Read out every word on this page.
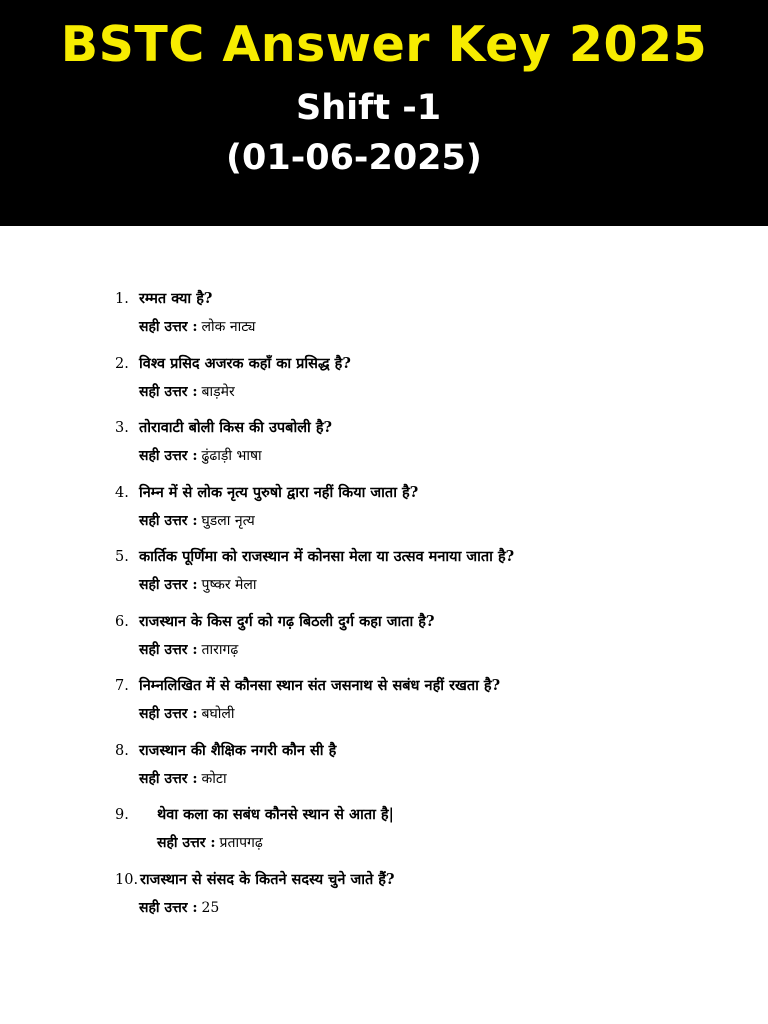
BSTC Answer Key 2025
Shift -1
(01-06-2025)
1. रम्मत क्या है?
सही उत्तर : लोक नाट्य
2. विश्व प्रसिद अजरक कहाँ का प्रसिद्ध है?
सही उत्तर : बाड़मेर
3. तोरावाटी बोली किस की उपबोली है?
सही उत्तर : ढुंढाड़ी भाषा
4. निम्न में से लोक नृत्य पुरुषो द्वारा नहीं किया जाता है?
सही उत्तर : घुडला नृत्य
5. कार्तिक पूर्णिमा को राजस्थान में कोनसा मेला या उत्सव मनाया जाता है?
सही उत्तर : पुष्कर मेला
6. राजस्थान के किस दुर्ग को गढ़ बिठली दुर्ग कहा जाता है?
सही उत्तर : तारागढ़
7. निम्नलिखित में से कौनसा स्थान संत जसनाथ से सबंध नहीं रखता है?
सही उत्तर : बघोली
8. राजस्थान की शैक्षिक नगरी कौन सी है
सही उत्तर : कोटा
9. थेवा कला का सबंध कौनसे स्थान से आता है|
सही उत्तर : प्रतापगढ़
10. राजस्थान से संसद के कितने सदस्य चुने जाते हैं?
सही उत्तर : 25
